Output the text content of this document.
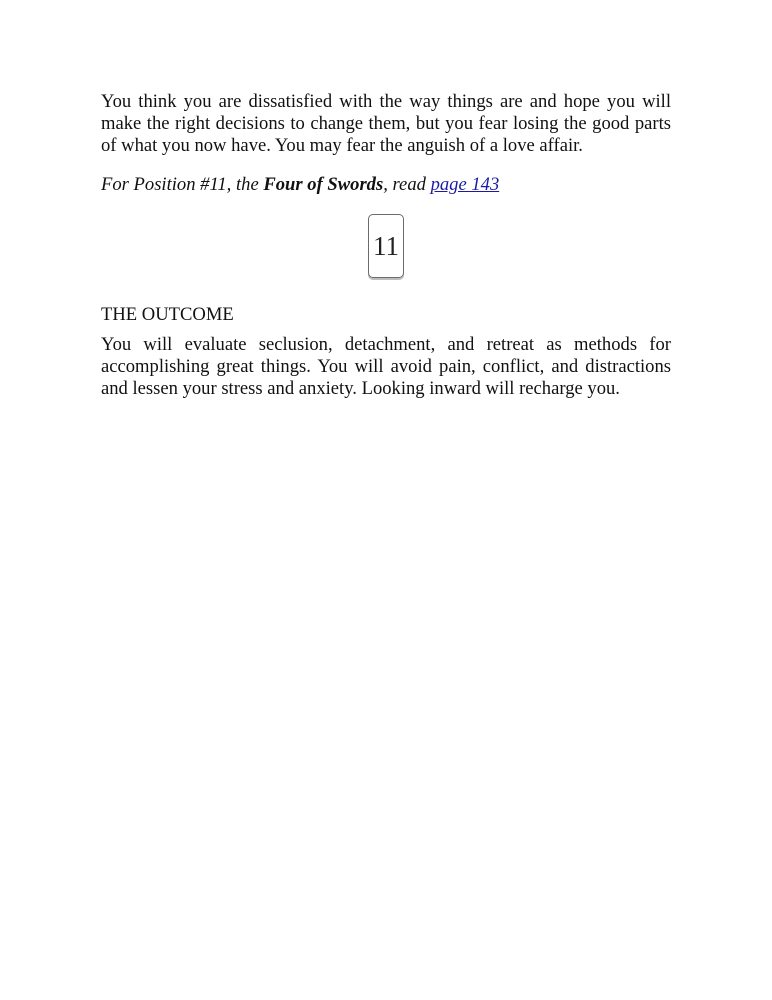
You think you are dissatisfied with the way things are and hope you will make the right decisions to change them, but you fear losing the good parts of what you now have. You may fear the anguish of a love affair.

For Position #11, the Four of Swords, read page 143

11

THE OUTCOME

You will evaluate seclusion, detachment, and retreat as methods for accomplishing great things. You will avoid pain, conflict, and distractions and lessen your stress and anxiety. Looking inward will recharge you.
